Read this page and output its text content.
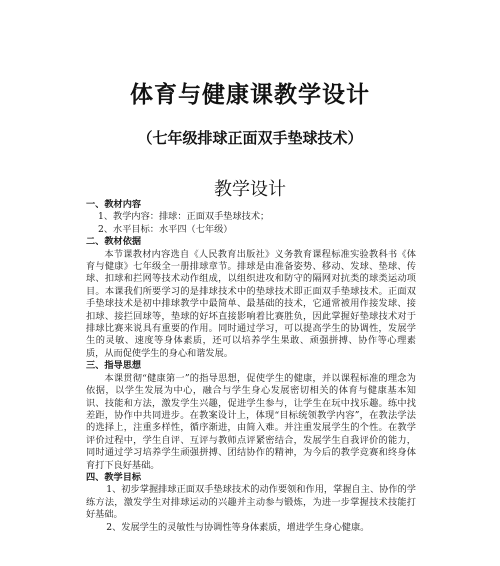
体育与健康课教学设计
（七年级排球正面双手垫球技术）
教学设计

一、教材内容

1、教学内容：排球：正面双手垫球技术；

2、水平目标：水平四（七年级）

二、教材依据

本节课教材内容选自《人民教育出版社》义务教育课程标准实验教科书《体育与健康》七年级全一册排球章节。排球是由准备姿势、移动、发球、垫球、传球、扣球和拦网等技术动作组成，以组织进攻和防守的隔网对抗类的球类运动项目。本课我们所要学习的是排球技术中的垫球技术即正面双手垫球技术。正面双手垫球技术是初中排球教学中最简单、最基础的技术，它通常被用作接发球、接扣球、接拦回球等，垫球的好坏直接影响着比赛胜负，因此掌握好垫球技术对于排球比赛来说具有重要的作用。同时通过学习，可以提高学生的协调性，发展学生的灵敏、速度等身体素质，还可以培养学生果敢、顽强拼搏、协作等心理素质，从而促使学生的身心和谐发展。

三、指导思想

本课贯彻“健康第一”的指导思想，促使学生的健康，并以课程标准的理念为依据，以学生发展为中心，融合与学生身心发展密切相关的体育与健康基本知识、技能和方法，激发学生兴趣，促进学生参与，让学生在玩中找乐趣。练中找差距，协作中共同进步。在教案设计上，体现“目标统领教学内容”，在教法学法的选择上，注重多样性，循序渐进，由简入难。并注重发展学生的个性。在教学评价过程中，学生自评、互评与教师点评紧密结合，发展学生自我评价的能力，同时通过学习培养学生顽强拼搏、团结协作的精神，为今后的教学竞赛和终身体育打下良好基础。

四、教学目标

1、初步掌握排球正面双手垫球技术的动作要领和作用，掌握自主、协作的学练方法，激发学生对排球运动的兴趣并主动参与锻炼，为进一步掌握技术技能打好基础。

2、发展学生的灵敏性与协调性等身体素质，增进学生身心健康。
